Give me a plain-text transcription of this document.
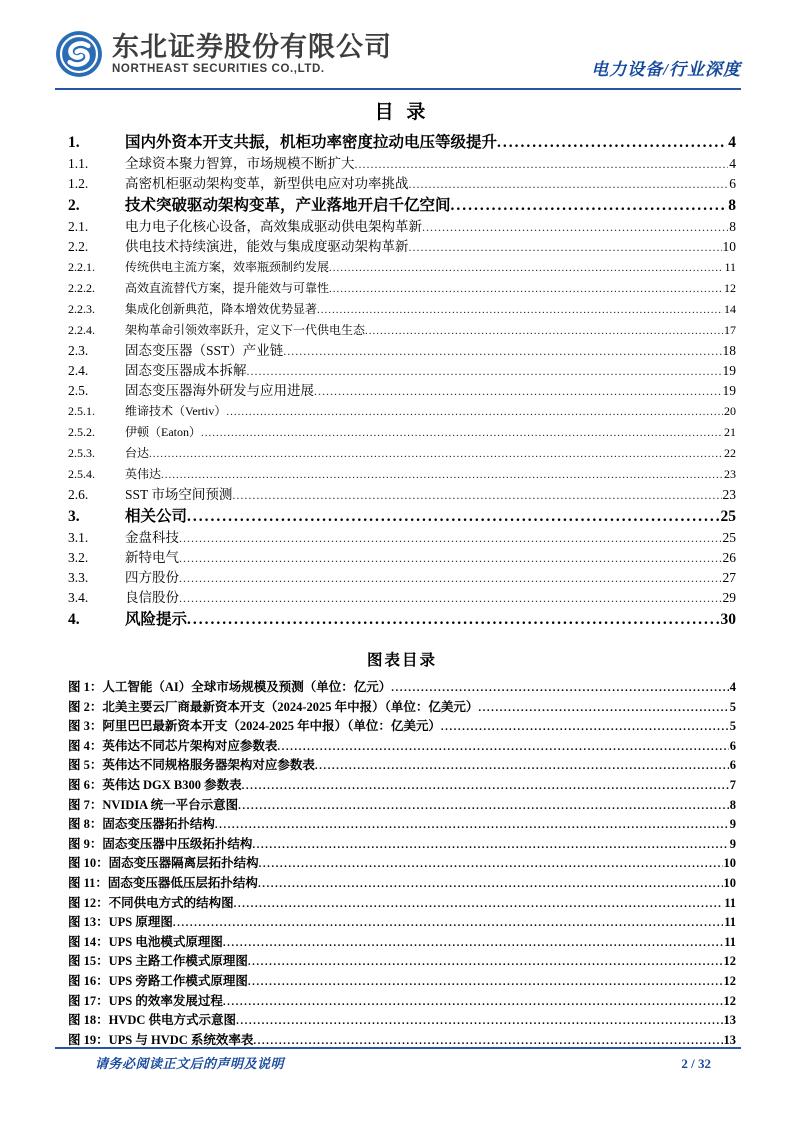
东北证券股份有限公司
NORTHEAST SECURITIES CO.,LTD.	电力设备/行业深度
目 录
1.	国内外资本开支共振，机柜功率密度拉动电压等级提升 .....	4
1.1.	全球资本聚力智算，市场规模不断扩大 .....	4
1.2.	高密机柜驱动架构变革，新型供电应对功率挑战 .....	6
2.	技术突破驱动架构变革，产业落地开启千亿空间 .....	8
2.1.	电力电子化核心设备，高效集成驱动供电架构革新 .....	8
2.2.	供电技术持续演进，能效与集成度驱动架构革新 .....	10
2.2.1.	传统供电主流方案，效率瓶颈制约发展 .....	11
2.2.2.	高效直流替代方案，提升能效与可靠性 .....	12
2.2.3.	集成化创新典范，降本增效优势显著 .....	14
2.2.4.	架构革命引领效率跃升，定义下一代供电生态 .....	17
2.3.	固态变压器（SST）产业链 .....	18
2.4.	固态变压器成本拆解 .....	19
2.5.	固态变压器海外研发与应用进展 .....	19
2.5.1.	维谛技术（Vertiv） .....	20
2.5.2.	伊顿（Eaton） .....	21
2.5.3.	台达 .....	22
2.5.4.	英伟达 .....	23
2.6.	SST 市场空间预测 .....	23
3.	相关公司 .....	25
3.1.	金盘科技 .....	25
3.2.	新特电气 .....	26
3.3.	四方股份 .....	27
3.4.	良信股份 .....	29
4.	风险提示 .....	30
图表目录
图 1：人工智能（AI）全球市场规模及预测（单位：亿元） .....	4
图 2：北美主要云厂商最新资本开支（2024-2025 年中报）（单位：亿美元） .....	5
图 3：阿里巴巴最新资本开支（2024-2025 年中报）（单位：亿美元） .....	5
图 4：英伟达不同芯片架构对应参数表 .....	6
图 5：英伟达不同规格服务器架构对应参数表 .....	6
图 6：英伟达 DGX B300 参数表 .....	7
图 7：NVIDIA 统一平台示意图 .....	8
图 8：固态变压器拓扑结构 .....	9
图 9：固态变压器中压级拓扑结构 .....	9
图 10：固态变压器隔离层拓扑结构 .....	10
图 11：固态变压器低压层拓扑结构 .....	10
图 12：不同供电方式的结构图 .....	11
图 13：UPS 原理图 .....	11
图 14：UPS 电池模式原理图 .....	11
图 15：UPS 主路工作模式原理图 .....	12
图 16：UPS 旁路工作模式原理图 .....	12
图 17：UPS 的效率发展过程 .....	12
图 18：HVDC 供电方式示意图 .....	13
图 19：UPS 与 HVDC 系统效率表 .....	13
请务必阅读正文后的声明及说明	2 / 32
